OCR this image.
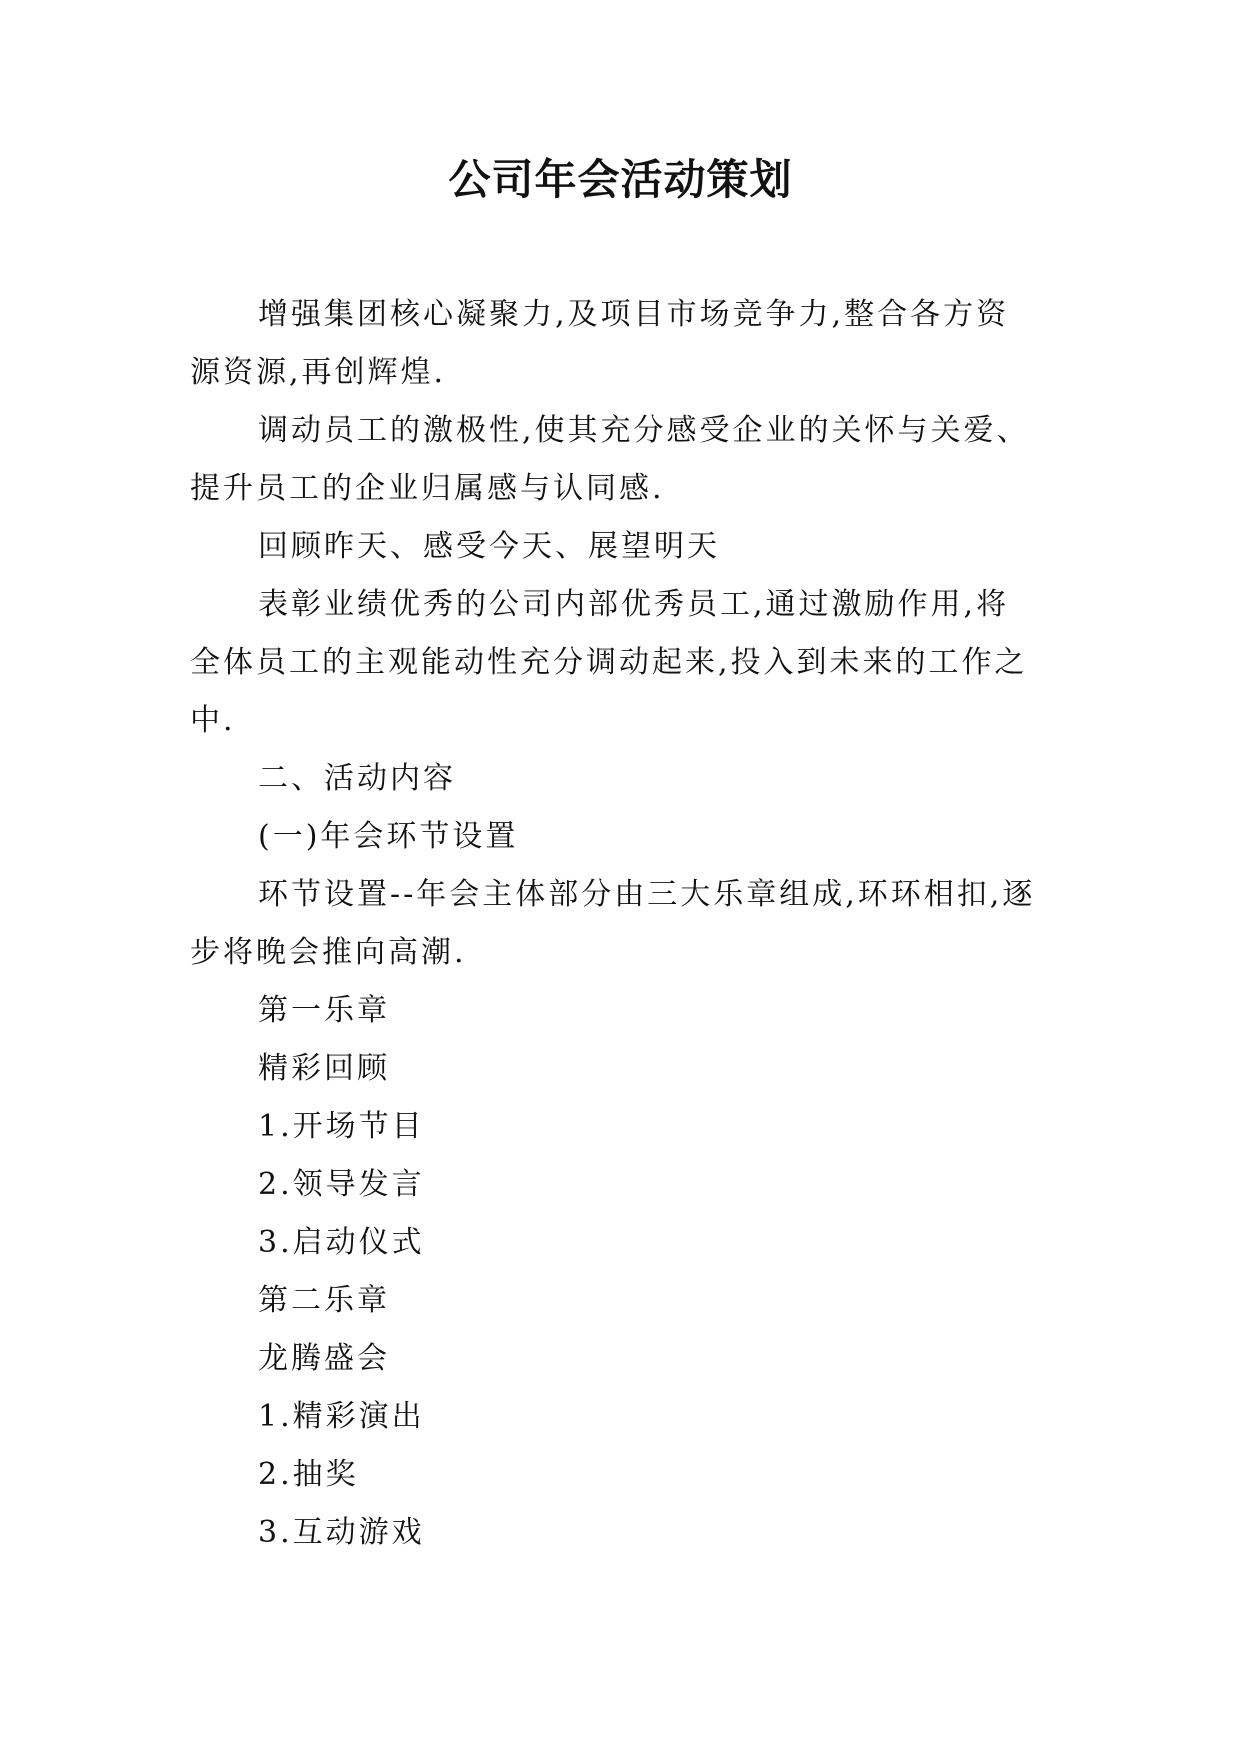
公司年会活动策划
增强集团核心凝聚力,及项目市场竞争力,整合各方资
源资源,再创辉煌.
调动员工的激极性,使其充分感受企业的关怀与关爱、
提升员工的企业归属感与认同感.
回顾昨天、感受今天、展望明天
表彰业绩优秀的公司内部优秀员工,通过激励作用,将
全体员工的主观能动性充分调动起来,投入到未来的工作之
中.
二、活动内容
(一)年会环节设置
环节设置--年会主体部分由三大乐章组成,环环相扣,逐
步将晚会推向高潮.
第一乐章
精彩回顾
1.开场节目
2.领导发言
3.启动仪式
第二乐章
龙腾盛会
1.精彩演出
2.抽奖
3.互动游戏
